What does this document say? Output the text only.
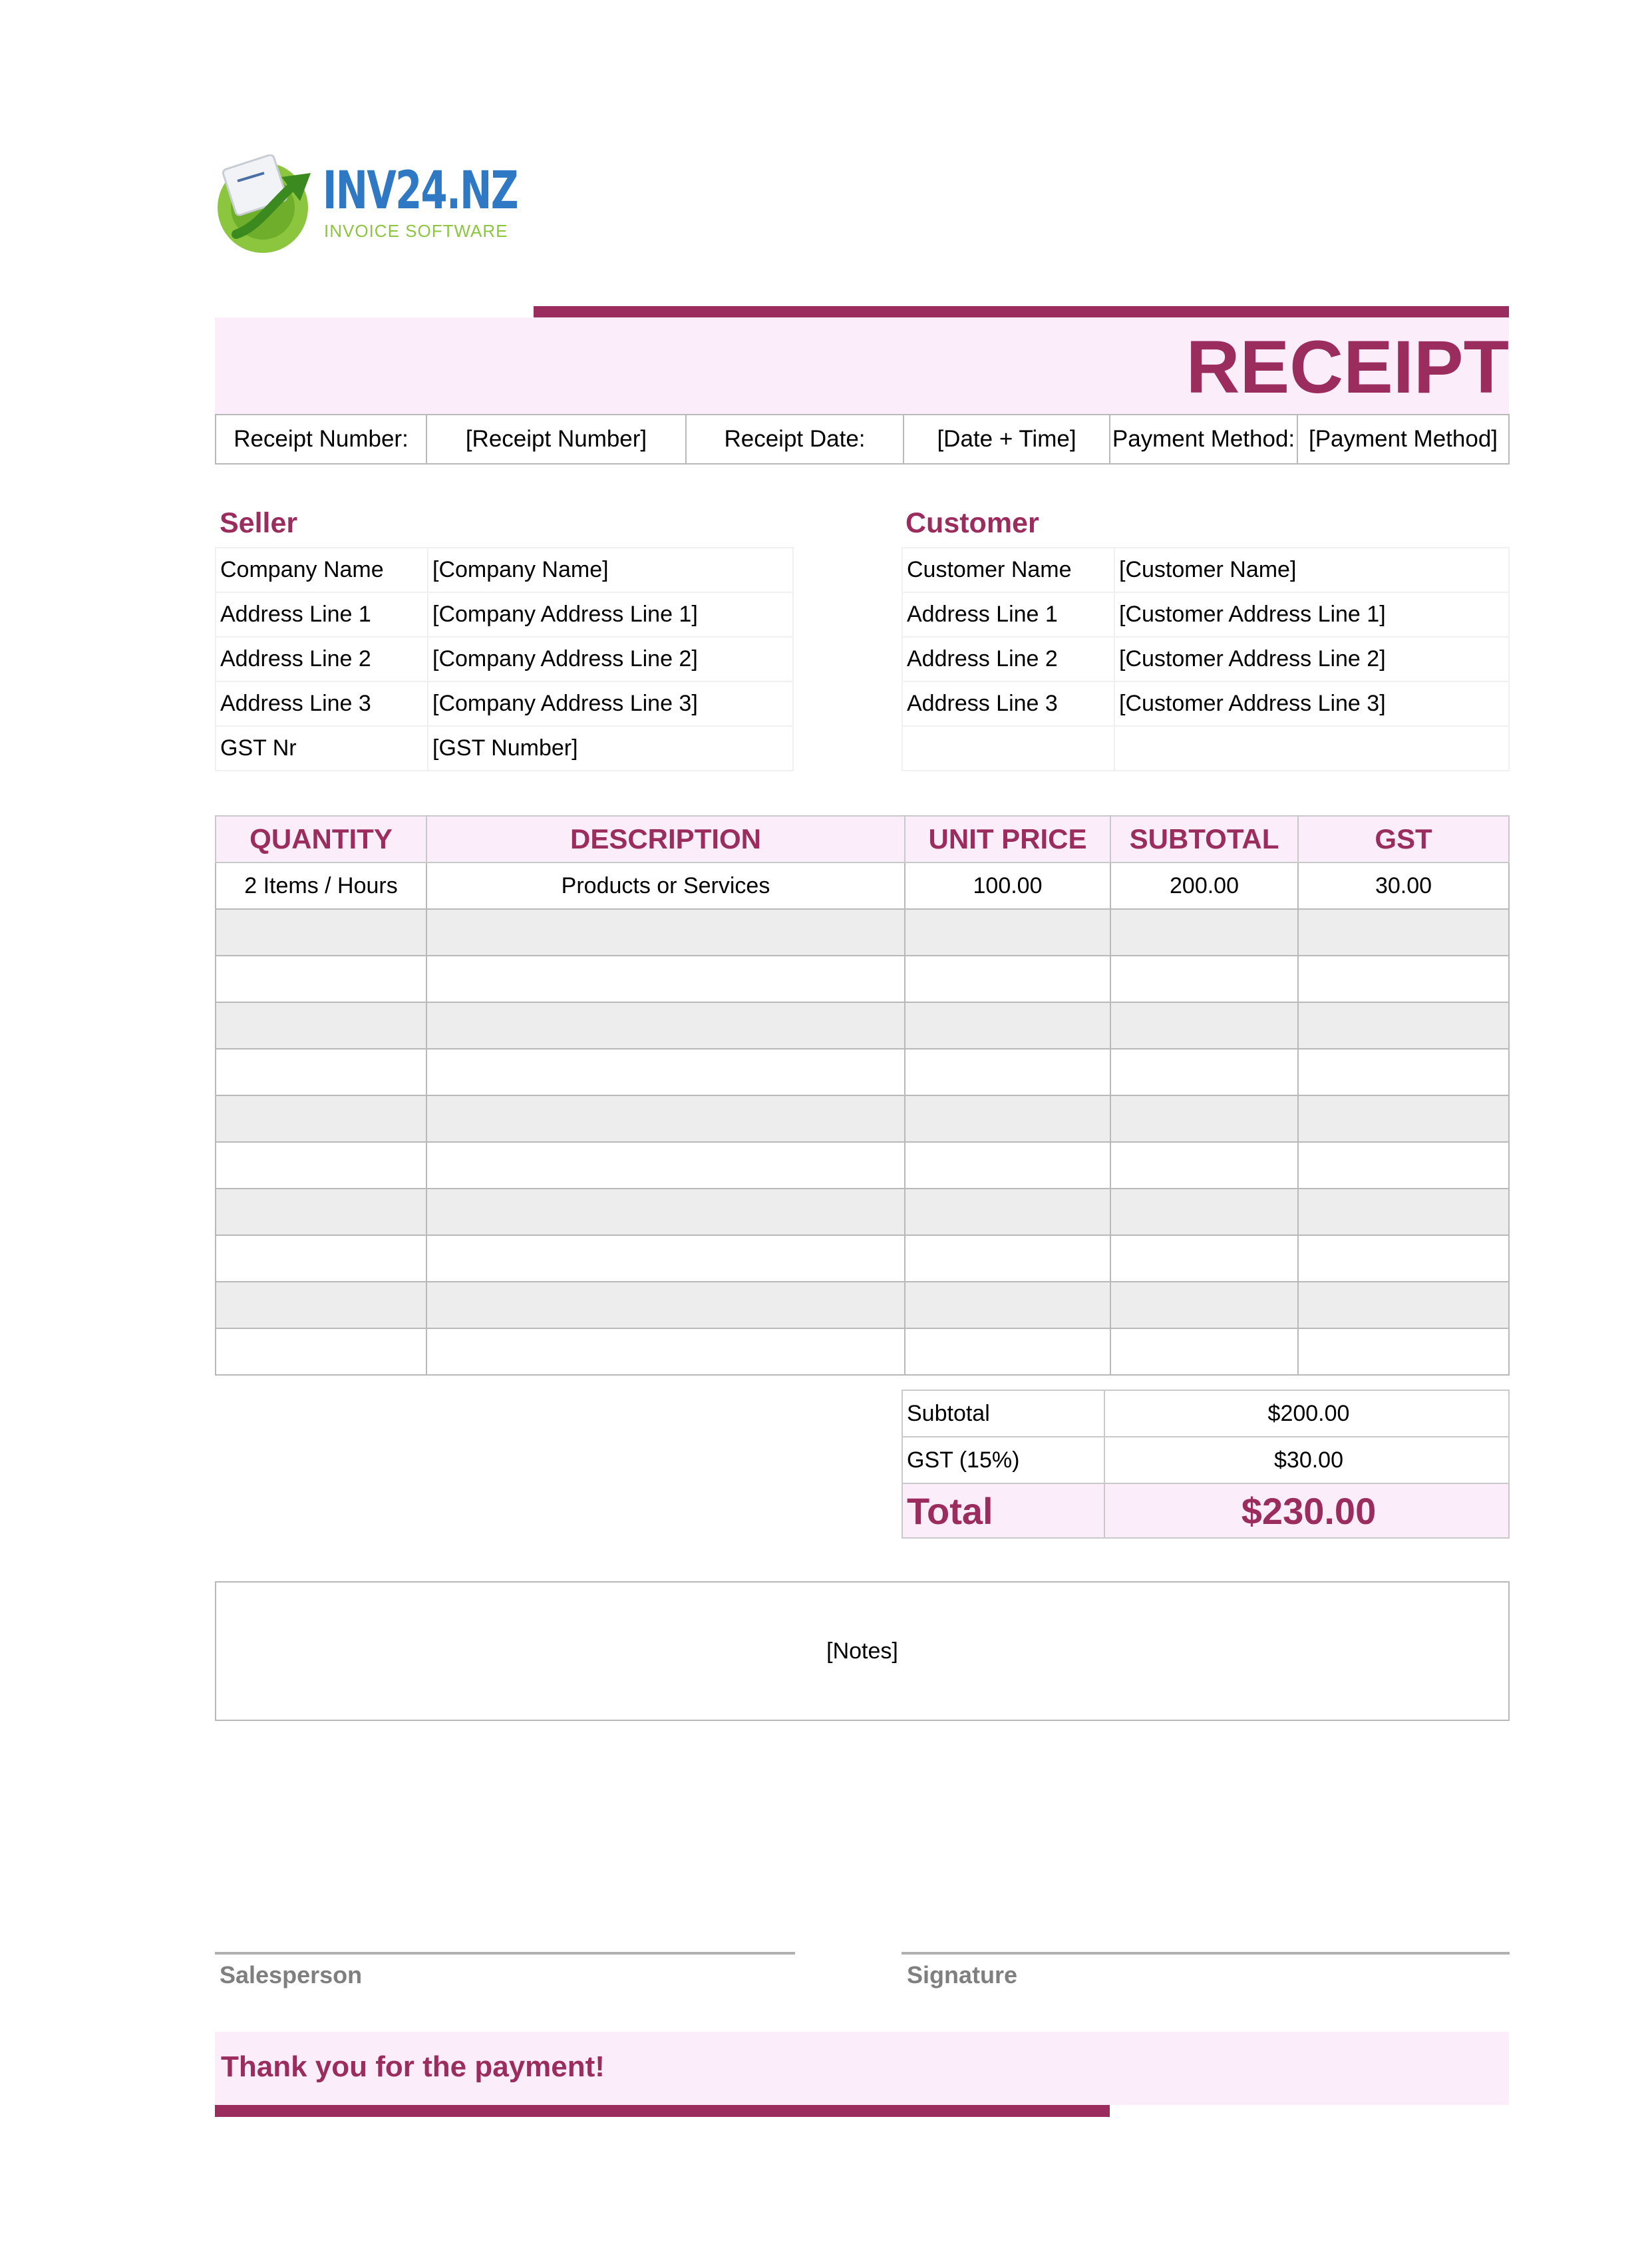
INV24.NZ
INVOICE SOFTWARE
RECEIPT
Receipt Number:	[Receipt Number]	Receipt Date:	[Date + Time]	Payment Method:	[Payment Method]
Seller
Company Name	[Company Name]
Address Line 1	[Company Address Line 1]
Address Line 2	[Company Address Line 2]
Address Line 3	[Company Address Line 3]
GST Nr	[GST Number]
Customer
Customer Name	[Customer Name]
Address Line 1	[Customer Address Line 1]
Address Line 2	[Customer Address Line 2]
Address Line 3	[Customer Address Line 3]

QUANTITY	DESCRIPTION	UNIT PRICE	SUBTOTAL	GST
2 Items / Hours	Products or Services	100.00	200.00	30.00

Subtotal	$200.00
GST (15%)	$30.00
Total	$230.00
[Notes]
Salesperson	Signature
Thank you for the payment!
